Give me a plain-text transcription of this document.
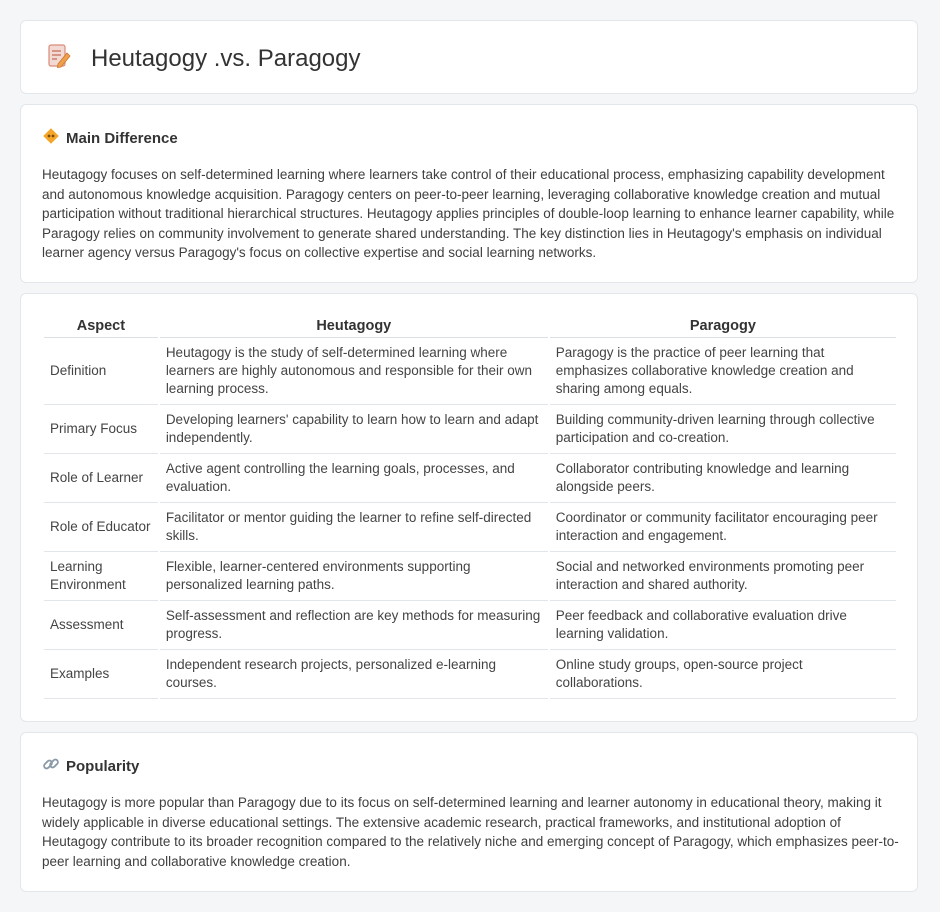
Heutagogy .vs. Paragogy
Main Difference

Heutagogy focuses on self-determined learning where learners take control of their educational process, emphasizing capability development and autonomous knowledge acquisition. Paragogy centers on peer-to-peer learning, leveraging collaborative knowledge creation and mutual participation without traditional hierarchical structures. Heutagogy applies principles of double-loop learning to enhance learner capability, while Paragogy relies on community involvement to generate shared understanding. The key distinction lies in Heutagogy's emphasis on individual learner agency versus Paragogy's focus on collective expertise and social learning networks.

Aspect	Heutagogy	Paragogy
Definition	Heutagogy is the study of self-determined learning where learners are highly autonomous and responsible for their own learning process.	Paragogy is the practice of peer learning that emphasizes collaborative knowledge creation and sharing among equals.
Primary Focus	Developing learners' capability to learn how to learn and adapt independently.	Building community-driven learning through collective participation and co-creation.
Role of Learner	Active agent controlling the learning goals, processes, and evaluation.	Collaborator contributing knowledge and learning alongside peers.
Role of Educator	Facilitator or mentor guiding the learner to refine self-directed skills.	Coordinator or community facilitator encouraging peer interaction and engagement.
Learning Environment	Flexible, learner-centered environments supporting personalized learning paths.	Social and networked environments promoting peer interaction and shared authority.
Assessment	Self-assessment and reflection are key methods for measuring progress.	Peer feedback and collaborative evaluation drive learning validation.
Examples	Independent research projects, personalized e-learning courses.	Online study groups, open-source project collaborations.
Popularity

Heutagogy is more popular than Paragogy due to its focus on self-determined learning and learner autonomy in educational theory, making it widely applicable in diverse educational settings. The extensive academic research, practical frameworks, and institutional adoption of Heutagogy contribute to its broader recognition compared to the relatively niche and emerging concept of Paragogy, which emphasizes peer-to-peer learning and collaborative knowledge creation.
